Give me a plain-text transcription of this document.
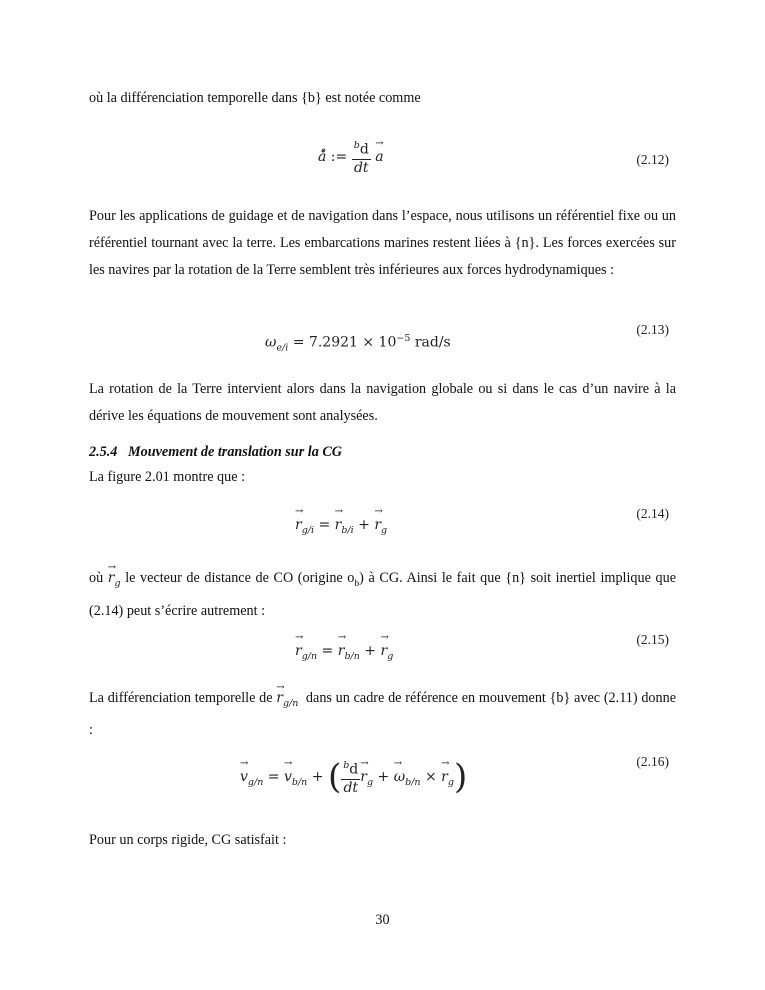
où la différenciation temporelle dans {b} est notée comme

ȧ̊ := $\frac{^bd}{dt} \to a$	(2.12)

Pour les applications de guidage et de navigation dans l’espace, nous utilisons un référentiel fixe ou un référentiel tournant avec la terre. Les embarcations marines restent liées à {n}. Les forces exercées sur les navires par la rotation de la Terre semblent très inférieures aux forces hydrodynamiques :

$\omega_{e/i} = 7.2921 \times 10^{-5}$ rad/s
(2.13)

La rotation de la Terre intervient alors dans la navigation globale ou si dans le cas d’un navire à la dérive les équations de mouvement sont analysées.

2.5.4 Mouvement de translation sur la CG

La figure 2.01 montre que :

→ $r_{g/i}$ = → $r_{b/i}$ + → $r_g$
(2.14)

où → $r_g$ le vecteur de distance de CO (origine $o_b$) à CG. Ainsi le fait que {n} soit inertiel implique que (2.14) peut s’écrire autrement :

→ $r_{g/n}$ = → $r_{b/n}$ + → $r_g$
(2.15)

La différenciation temporelle de → $r_{g/n}$ dans un cadre de référence en mouvement {b} avec (2.11) donne :

→ $v_{g/n}$ = → $v_{b/n}$ + ( $\frac{^bd}{dt} \to r_g$ + → $\omega_{b/n}$ × → $r_g$)	(2.16)

Pour un corps rigide, CG satisfait :

30
